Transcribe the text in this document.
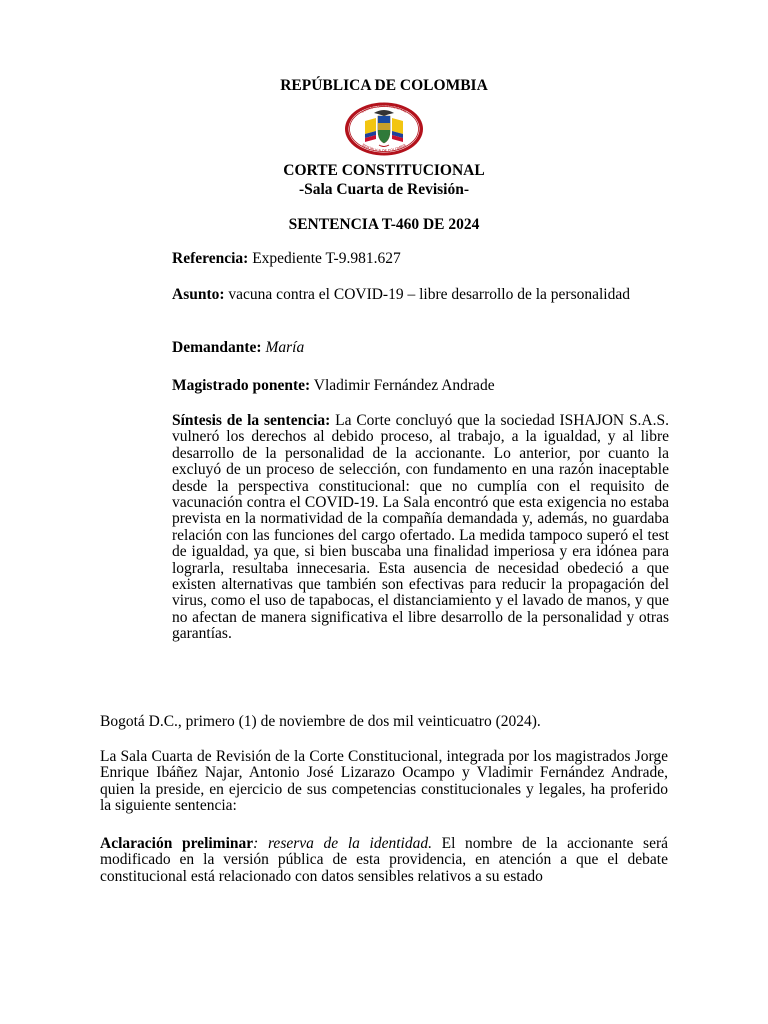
REPÚBLICA DE COLOMBIA

CORTE CONSTITUCIONAL
REPÚBLICA DE COLOMBIA

CORTE CONSTITUCIONAL

-Sala Cuarta de Revisión-

SENTENCIA T-460 DE 2024

Referencia: Expediente T-9.981.627

Asunto: vacuna contra el COVID-19 – libre desarrollo de la personalidad

Demandante: María

Magistrado ponente: Vladimir Fernández Andrade

Síntesis de la sentencia: La Corte concluyó que la sociedad ISHAJON S.A.S. vulneró los derechos al debido proceso, al trabajo, a la igualdad, y al libre desarrollo de la personalidad de la accionante. Lo anterior, por cuanto la excluyó de un proceso de selección, con fundamento en una razón inaceptable desde la perspectiva constitucional: que no cumplía con el requisito de vacunación contra el COVID-19. La Sala encontró que esta exigencia no estaba prevista en la normatividad de la compañía demandada y, además, no guardaba relación con las funciones del cargo ofertado. La medida tampoco superó el test de igualdad, ya que, si bien buscaba una finalidad imperiosa y era idónea para lograrla, resultaba innecesaria. Esta ausencia de necesidad obedeció a que existen alternativas que también son efectivas para reducir la propagación del virus, como el uso de tapabocas, el distanciamiento y el lavado de manos, y que no afectan de manera significativa el libre desarrollo de la personalidad y otras garantías.

Bogotá D.C., primero (1) de noviembre de dos mil veinticuatro (2024).

La Sala Cuarta de Revisión de la Corte Constitucional, integrada por los magistrados Jorge Enrique Ibáñez Najar, Antonio José Lizarazo Ocampo y Vladimir Fernández Andrade, quien la preside, en ejercicio de sus competencias constitucionales y legales, ha proferido la siguiente sentencia:

Aclaración preliminar: reserva de la identidad. El nombre de la accionante será modificado en la versión pública de esta providencia, en atención a que el debate constitucional está relacionado con datos sensibles relativos a su estado
